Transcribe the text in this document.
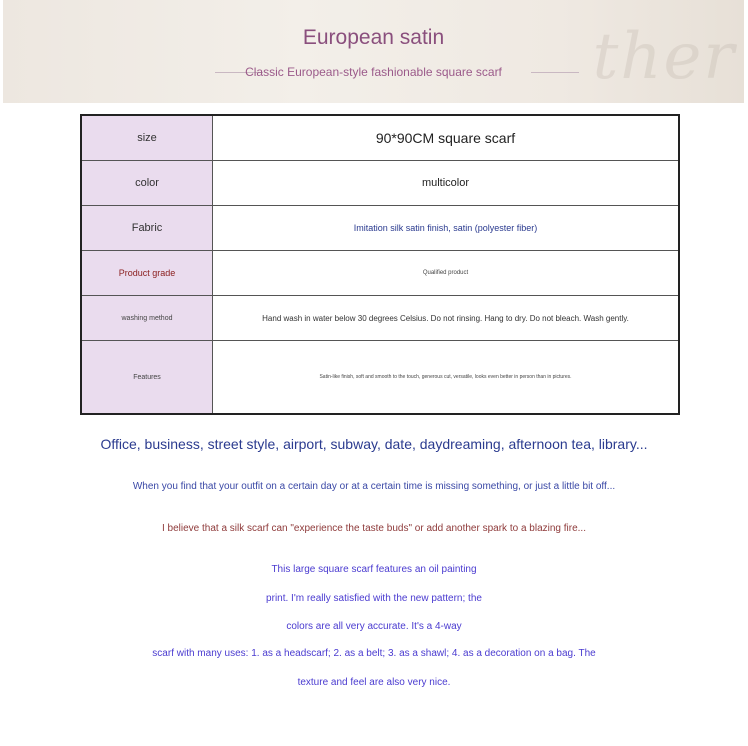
ther
European satin
Classic European-style fashionable square scarf
size	90*90CM square scarf
color	multicolor
Fabric	Imitation silk satin finish, satin (polyester fiber)
Product grade	Qualified product
washing method	Hand wash in water below 30 degrees Celsius. Do not rinsing. Hang to dry. Do not bleach. Wash gently.
Features	Satin-like finish, soft and smooth to the touch, generous cut, versatile, looks even better in person than in pictures.
Office, business, street style, airport, subway, date, daydreaming, afternoon tea, library...
When you find that your outfit on a certain day or at a certain time is missing something, or just a little bit off...
I believe that a silk scarf can "experience the taste buds" or add another spark to a blazing fire...
This large square scarf features an oil painting
print. I'm really satisfied with the new pattern; the
colors are all very accurate. It's a 4-way
scarf with many uses: 1. as a headscarf; 2. as a belt; 3. as a shawl; 4. as a decoration on a bag. The
texture and feel are also very nice.
